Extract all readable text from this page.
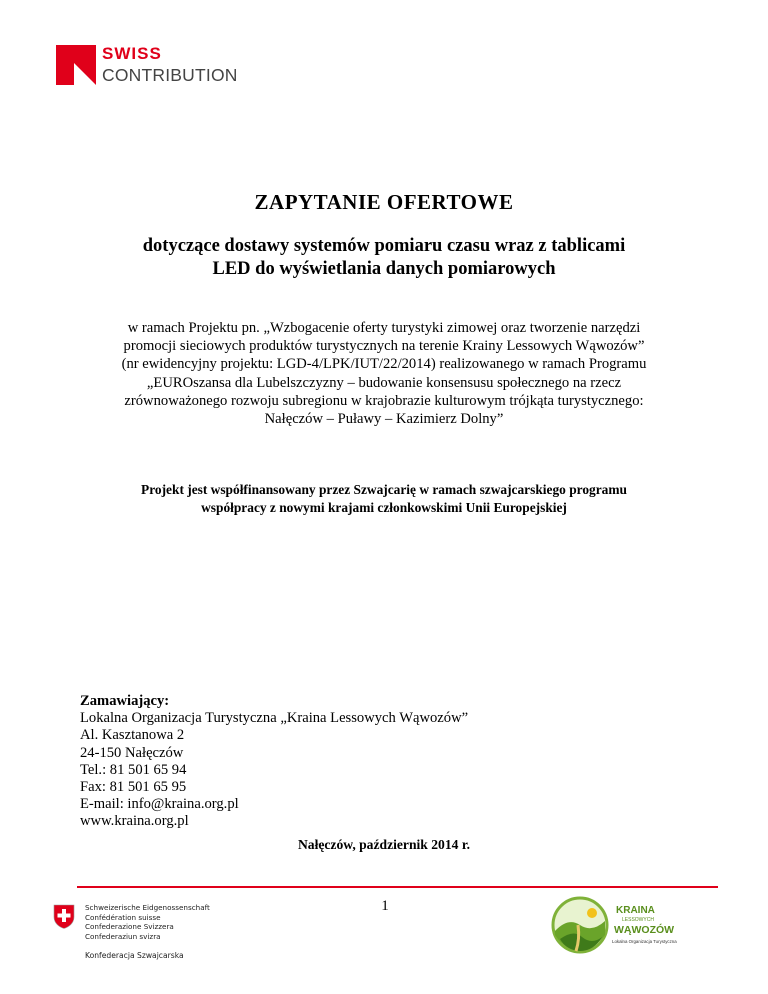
SWISS
CONTRIBUTION
ZAPYTANIE OFERTOWE
dotyczące dostawy systemów pomiaru czasu wraz z tablicami
LED do wyświetlania danych pomiarowych
w ramach Projektu pn. „Wzbogacenie oferty turystyki zimowej oraz tworzenie narzędzi
promocji sieciowych produktów turystycznych na terenie Krainy Lessowych Wąwozów”
(nr ewidencyjny projektu: LGD-4/LPK/IUT/22/2014) realizowanego w ramach Programu
„EUROszansa dla Lubelszczyzny – budowanie konsensusu społecznego na rzecz
zrównoważonego rozwoju subregionu w krajobrazie kulturowym trójkąta turystycznego:
Nałęczów – Puławy – Kazimierz Dolny”
Projekt jest współfinansowany przez Szwajcarię w ramach szwajcarskiego programu
współpracy z nowymi krajami członkowskimi Unii Europejskiej
Zamawiający:
Lokalna Organizacja Turystyczna „Kraina Lessowych Wąwozów”
Al. Kasztanowa 2
24-150 Nałęczów
Tel.: 81 501 65 94
Fax: 81 501 65 95
E-mail: info@kraina.org.pl
www.kraina.org.pl
Nałęczów, październik 2014 r.
1
Schweizerische Eidgenossenschaft
Confédération suisse
Confederazione Svizzera
Confederaziun svizra
Konfederacja Szwajcarska
KRAINA
LESSOWYCH
WĄWOZÓW
Lokalna Organizacja Turystyczna
